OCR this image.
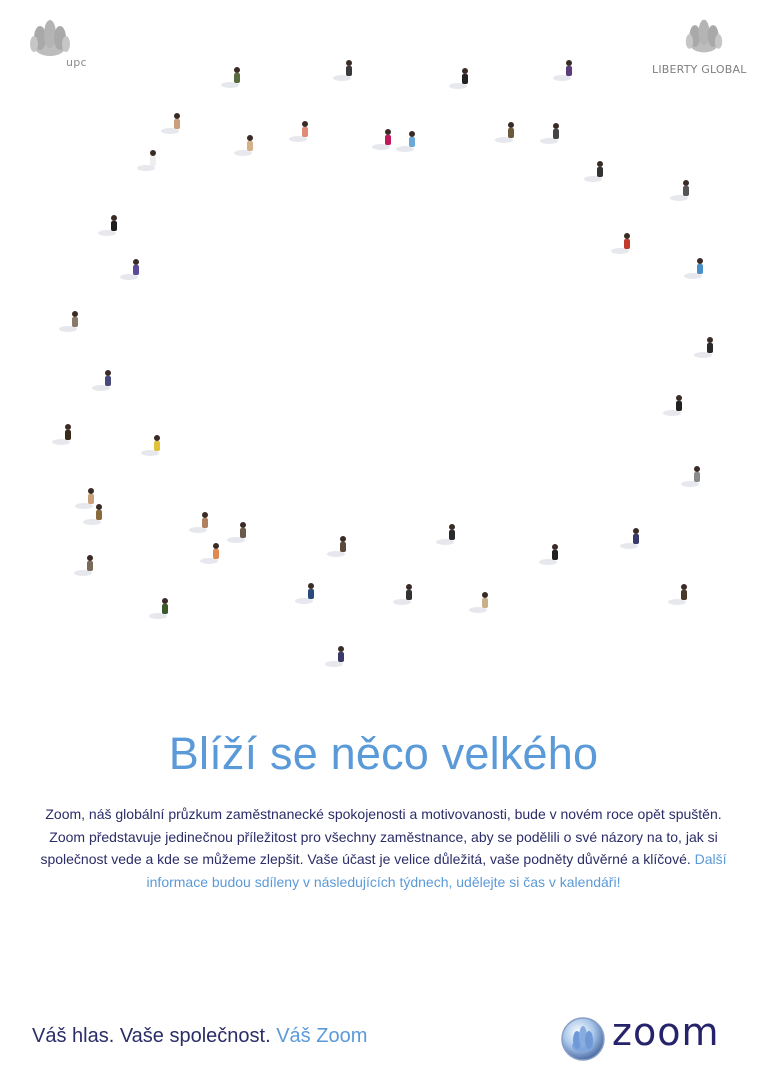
upc
LIBERTY GLOBAL
Blíží se něco velkého
Zoom, náš globální průzkum zaměstnanecké spokojenosti a motivovanosti, bude v novém roce opět spuštěn. Zoom představuje jedinečnou příležitost pro všechny zaměstnance, aby se podělili o své názory na to, jak si společnost vede a kde se můžeme zlepšit. Vaše účast je velice důležitá, vaše podněty důvěrné a klíčové. Další informace budou sdíleny v následujících týdnech, udělejte si čas v kalendáři!
Váš hlas. Vaše společnost. Váš Zoom	zoom
